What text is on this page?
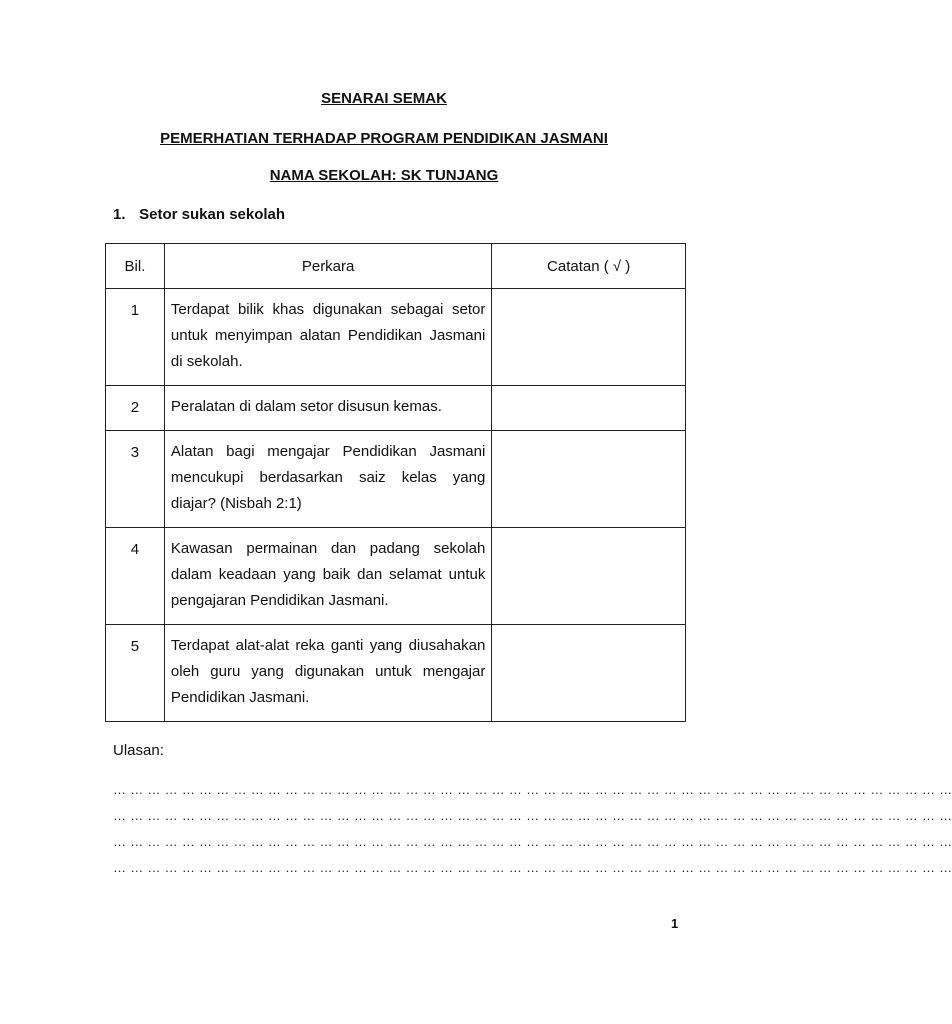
SENARAI SEMAK
PEMERHATIAN TERHADAP PROGRAM PENDIDIKAN JASMANI
NAMA SEKOLAH: SK TUNJANG
1. Setor sukan sekolah
Bil.	Perkara	Catatan ( √ )
1	Terdapat bilik khas digunakan sebagai setor untuk menyimpan alatan Pendidikan Jasmani di sekolah.	

2	Peralatan di dalam setor disusun kemas.	

3	Alatan bagi mengajar Pendidikan Jasmani mencukupi berdasarkan saiz kelas yang diajar? (Nisbah 2:1)	

4	Kawasan permainan dan padang sekolah dalam keadaan yang baik dan selamat untuk pengajaran Pendidikan Jasmani.	

5	Terdapat alat-alat reka ganti yang diusahakan oleh guru yang digunakan untuk mengajar Pendidikan Jasmani.	

Ulasan:
… … … … … … … … … … … … … … … … … … … … … … … … … … … … … … … … … … … … … … … … … … … … … … … … …
… … … … … … … … … … … … … … … … … … … … … … … … … … … … … … … … … … … … … … … … … … … … … … … … …
… … … … … … … … … … … … … … … … … … … … … … … … … … … … … … … … … … … … … … … … … … … … … … … … …
… … … … … … … … … … … … … … … … … … … … … … … … … … … … … … … … … … … … … … … … … … … … … … … … …
1
